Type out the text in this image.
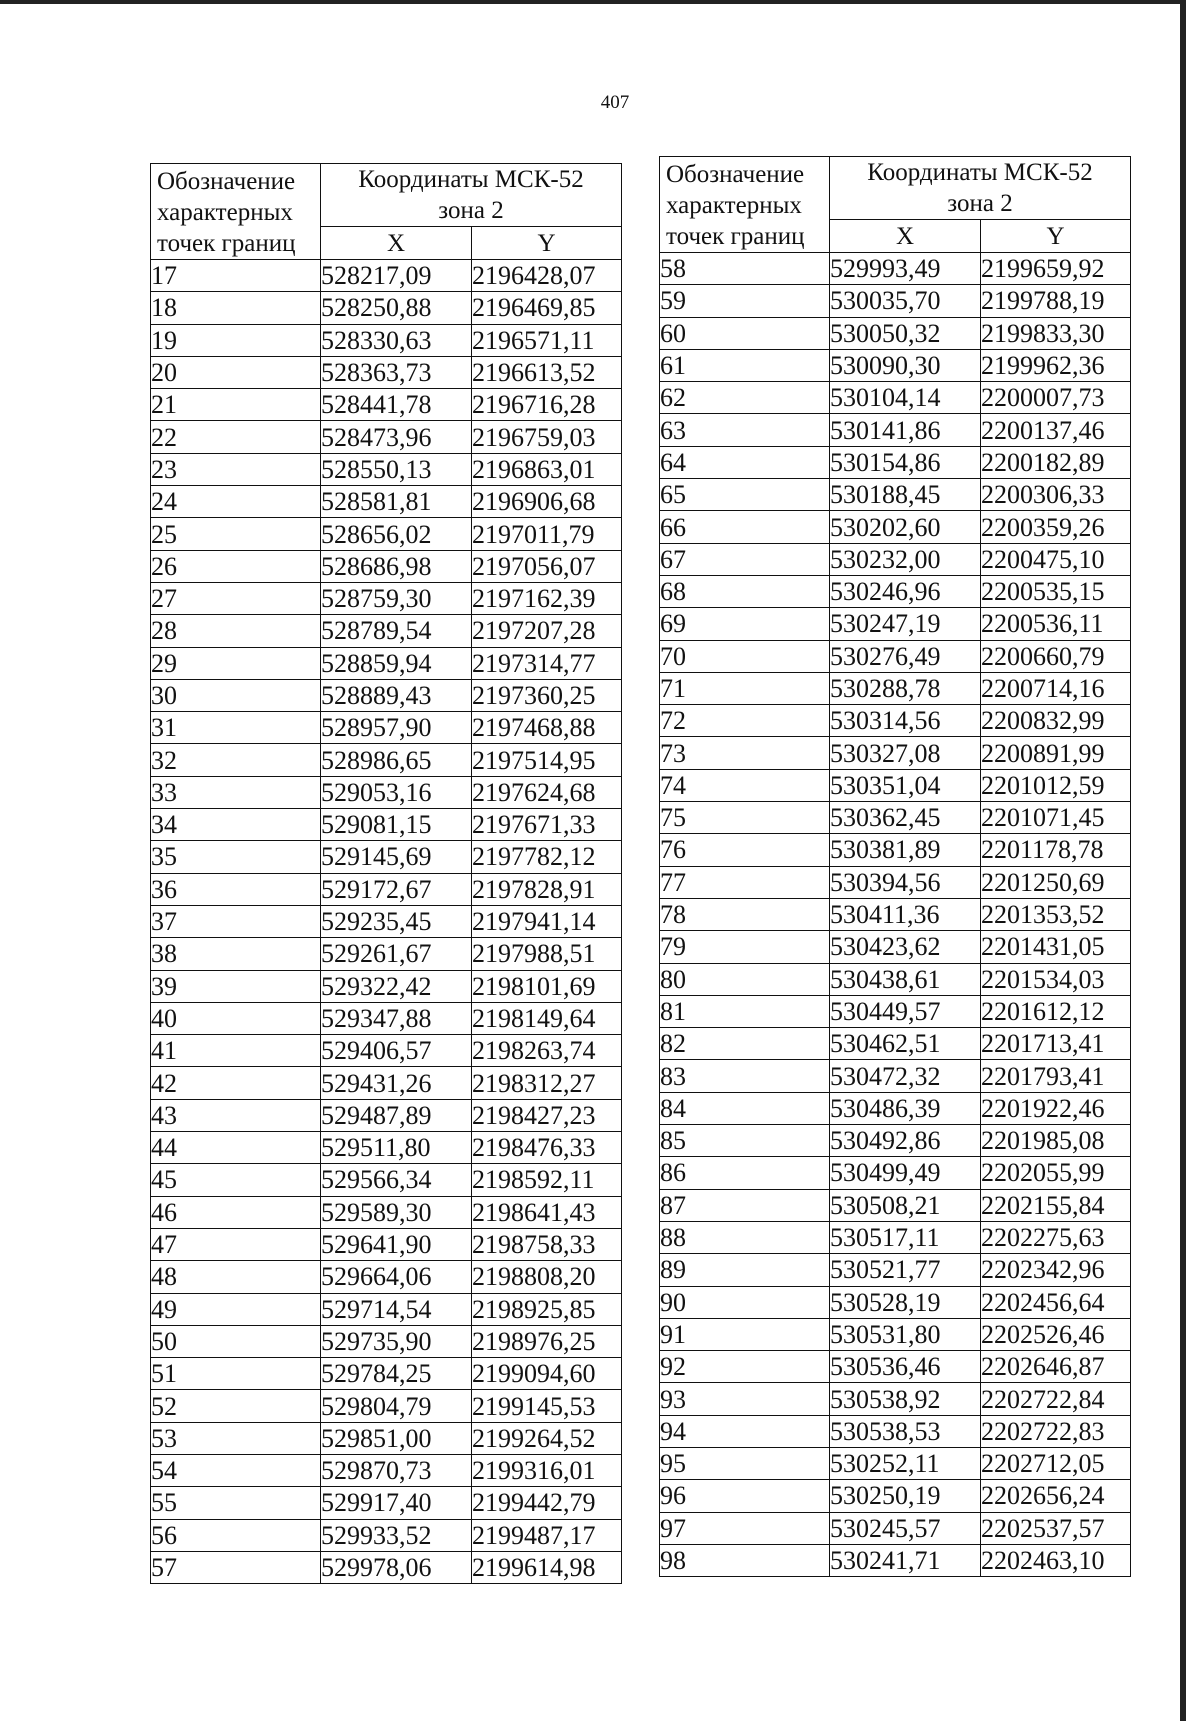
407
Обозначение
характерных
точек границ	Координаты МСК-52
зона 2	
	X	Y
17	528217,09	2196428,07
18	528250,88	2196469,85
19	528330,63	2196571,11
20	528363,73	2196613,52
21	528441,78	2196716,28
22	528473,96	2196759,03
23	528550,13	2196863,01
24	528581,81	2196906,68
25	528656,02	2197011,79
26	528686,98	2197056,07
27	528759,30	2197162,39
28	528789,54	2197207,28
29	528859,94	2197314,77
30	528889,43	2197360,25
31	528957,90	2197468,88
32	528986,65	2197514,95
33	529053,16	2197624,68
34	529081,15	2197671,33
35	529145,69	2197782,12
36	529172,67	2197828,91
37	529235,45	2197941,14
38	529261,67	2197988,51
39	529322,42	2198101,69
40	529347,88	2198149,64
41	529406,57	2198263,74
42	529431,26	2198312,27
43	529487,89	2198427,23
44	529511,80	2198476,33
45	529566,34	2198592,11
46	529589,30	2198641,43
47	529641,90	2198758,33
48	529664,06	2198808,20
49	529714,54	2198925,85
50	529735,90	2198976,25
51	529784,25	2199094,60
52	529804,79	2199145,53
53	529851,00	2199264,52
54	529870,73	2199316,01
55	529917,40	2199442,79
56	529933,52	2199487,17
57	529978,06	2199614,98
Обозначение
характерных
точек границ	Координаты МСК-52
зона 2	
	X	Y
58	529993,49	2199659,92
59	530035,70	2199788,19
60	530050,32	2199833,30
61	530090,30	2199962,36
62	530104,14	2200007,73
63	530141,86	2200137,46
64	530154,86	2200182,89
65	530188,45	2200306,33
66	530202,60	2200359,26
67	530232,00	2200475,10
68	530246,96	2200535,15
69	530247,19	2200536,11
70	530276,49	2200660,79
71	530288,78	2200714,16
72	530314,56	2200832,99
73	530327,08	2200891,99
74	530351,04	2201012,59
75	530362,45	2201071,45
76	530381,89	2201178,78
77	530394,56	2201250,69
78	530411,36	2201353,52
79	530423,62	2201431,05
80	530438,61	2201534,03
81	530449,57	2201612,12
82	530462,51	2201713,41
83	530472,32	2201793,41
84	530486,39	2201922,46
85	530492,86	2201985,08
86	530499,49	2202055,99
87	530508,21	2202155,84
88	530517,11	2202275,63
89	530521,77	2202342,96
90	530528,19	2202456,64
91	530531,80	2202526,46
92	530536,46	2202646,87
93	530538,92	2202722,84
94	530538,53	2202722,83
95	530252,11	2202712,05
96	530250,19	2202656,24
97	530245,57	2202537,57
98	530241,71	2202463,10
